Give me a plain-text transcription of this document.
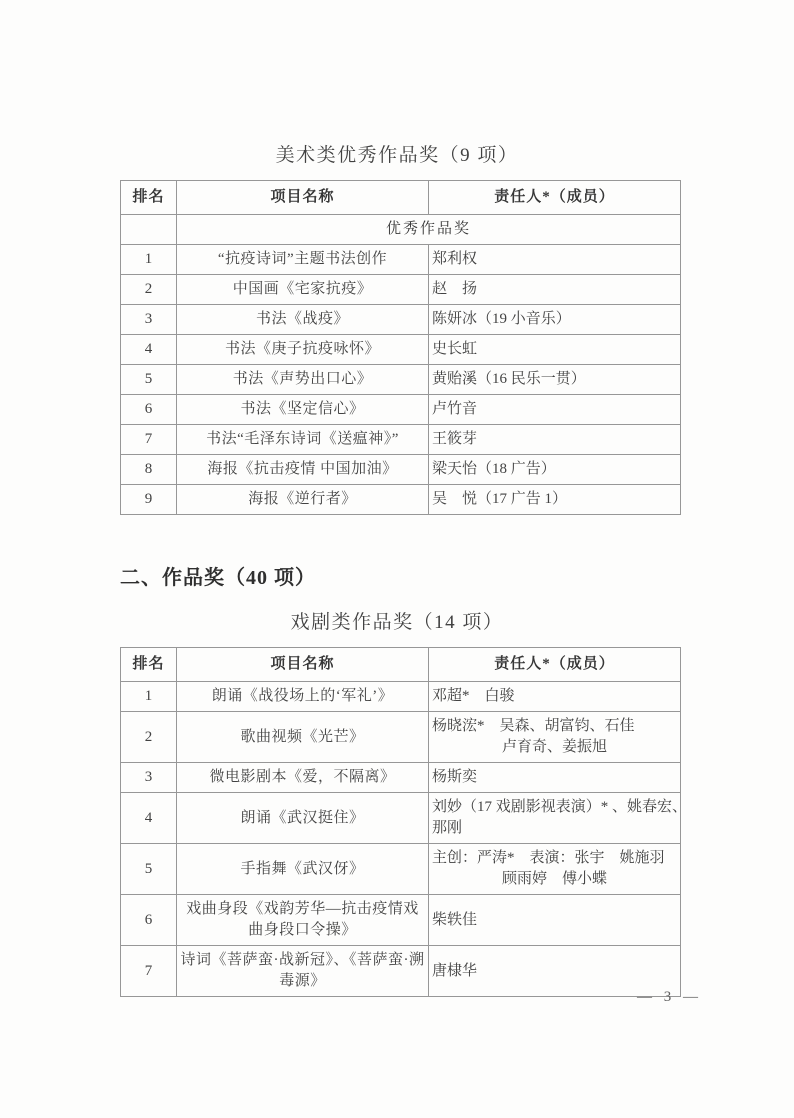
美术类优秀作品奖（9 项）
排名	项目名称	责任人*（成员）
	优秀作品奖	
1	“抗疫诗词”主题书法创作	郑利权

2	中国画《宅家抗疫》	赵　扬

3	书法《战疫》	陈妍冰（19 小音乐）

4	书法《庚子抗疫咏怀》	史长虹

5	书法《声势出口心》	黄贻溪（16 民乐一贯）

6	书法《坚定信心》	卢竹音

7	书法“毛泽东诗词《送瘟神》”	王筱芽

8	海报《抗击疫情 中国加油》	梁天怡（18 广告）

9	海报《逆行者》	吴　悦（17 广告 1）
二、作品奖（40 项）
戏剧类作品奖（14 项）
排名	项目名称	责任人*（成员）
1	朗诵《战役场上的‘军礼’》	邓超*　白骏

2	歌曲视频《光芒》	杨晓浤*　吴森、胡富钧、石佳
卢育奇、姜振旭

3	微电影剧本《爱，不隔离》	杨斯奕

4	朗诵《武汉挺住》	刘妙（17 戏剧影视表演）* 、姚春宏、
那刚

5	手指舞《武汉伢》	主创：严涛*　表演：张宇　姚施羽
顾雨婷　傅小蝶

6	戏曲身段《戏韵芳华—抗击疫情戏曲身段口令操》	柴轶佳

7	诗词《菩萨蛮·战新冠》、《菩萨蛮·溯毒源》	唐棣华
— 3 —
